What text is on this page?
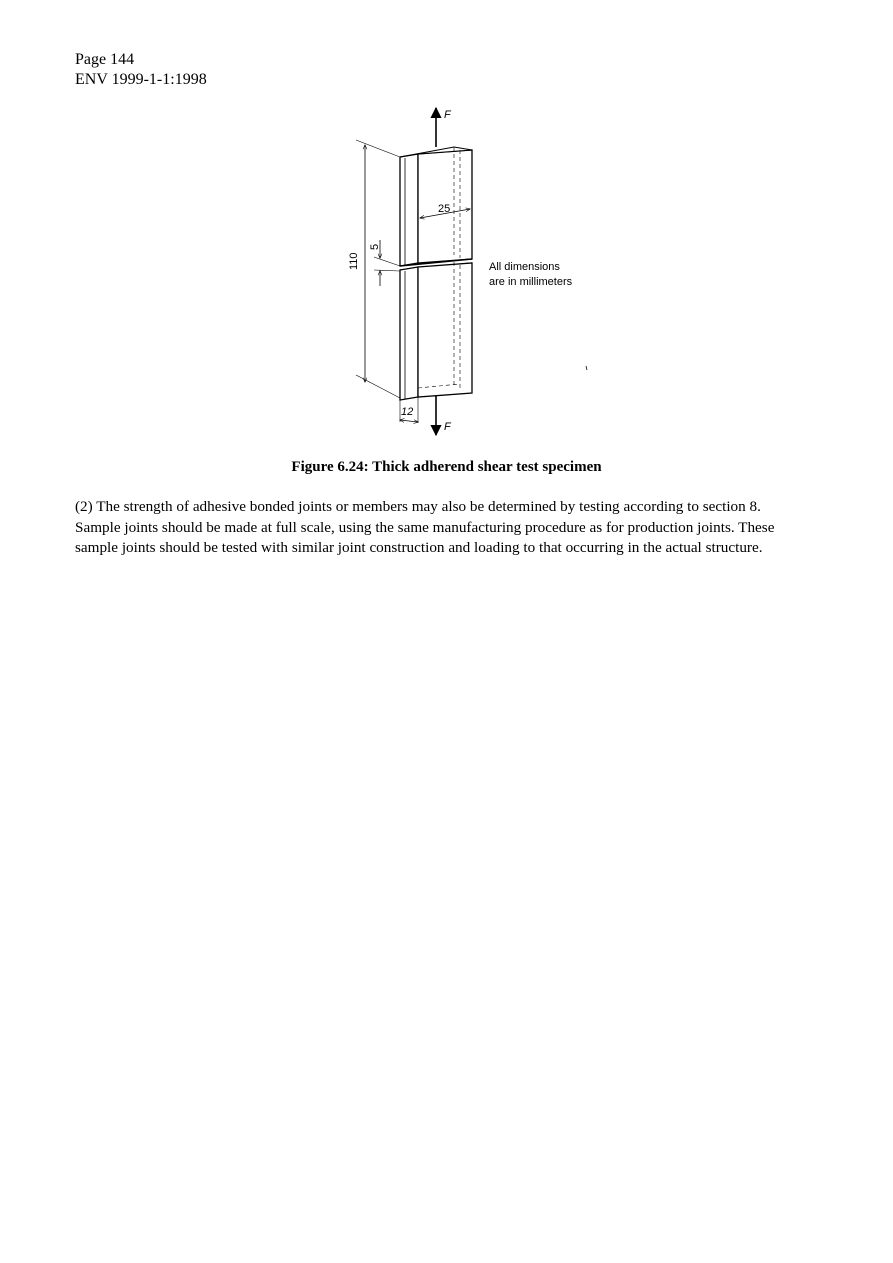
Page 144
ENV 1999-1-1:1998
F
25
110
5
12
F
All dimensions
are in millimeters
Figure 6.24: Thick adherend shear test specimen

(2) The strength of adhesive bonded joints or members may also be determined by testing according to section 8. Sample joints should be made at full scale, using the same manufacturing procedure as for production joints. These sample joints should be tested with similar joint construction and loading to that occurring in the actual structure.
